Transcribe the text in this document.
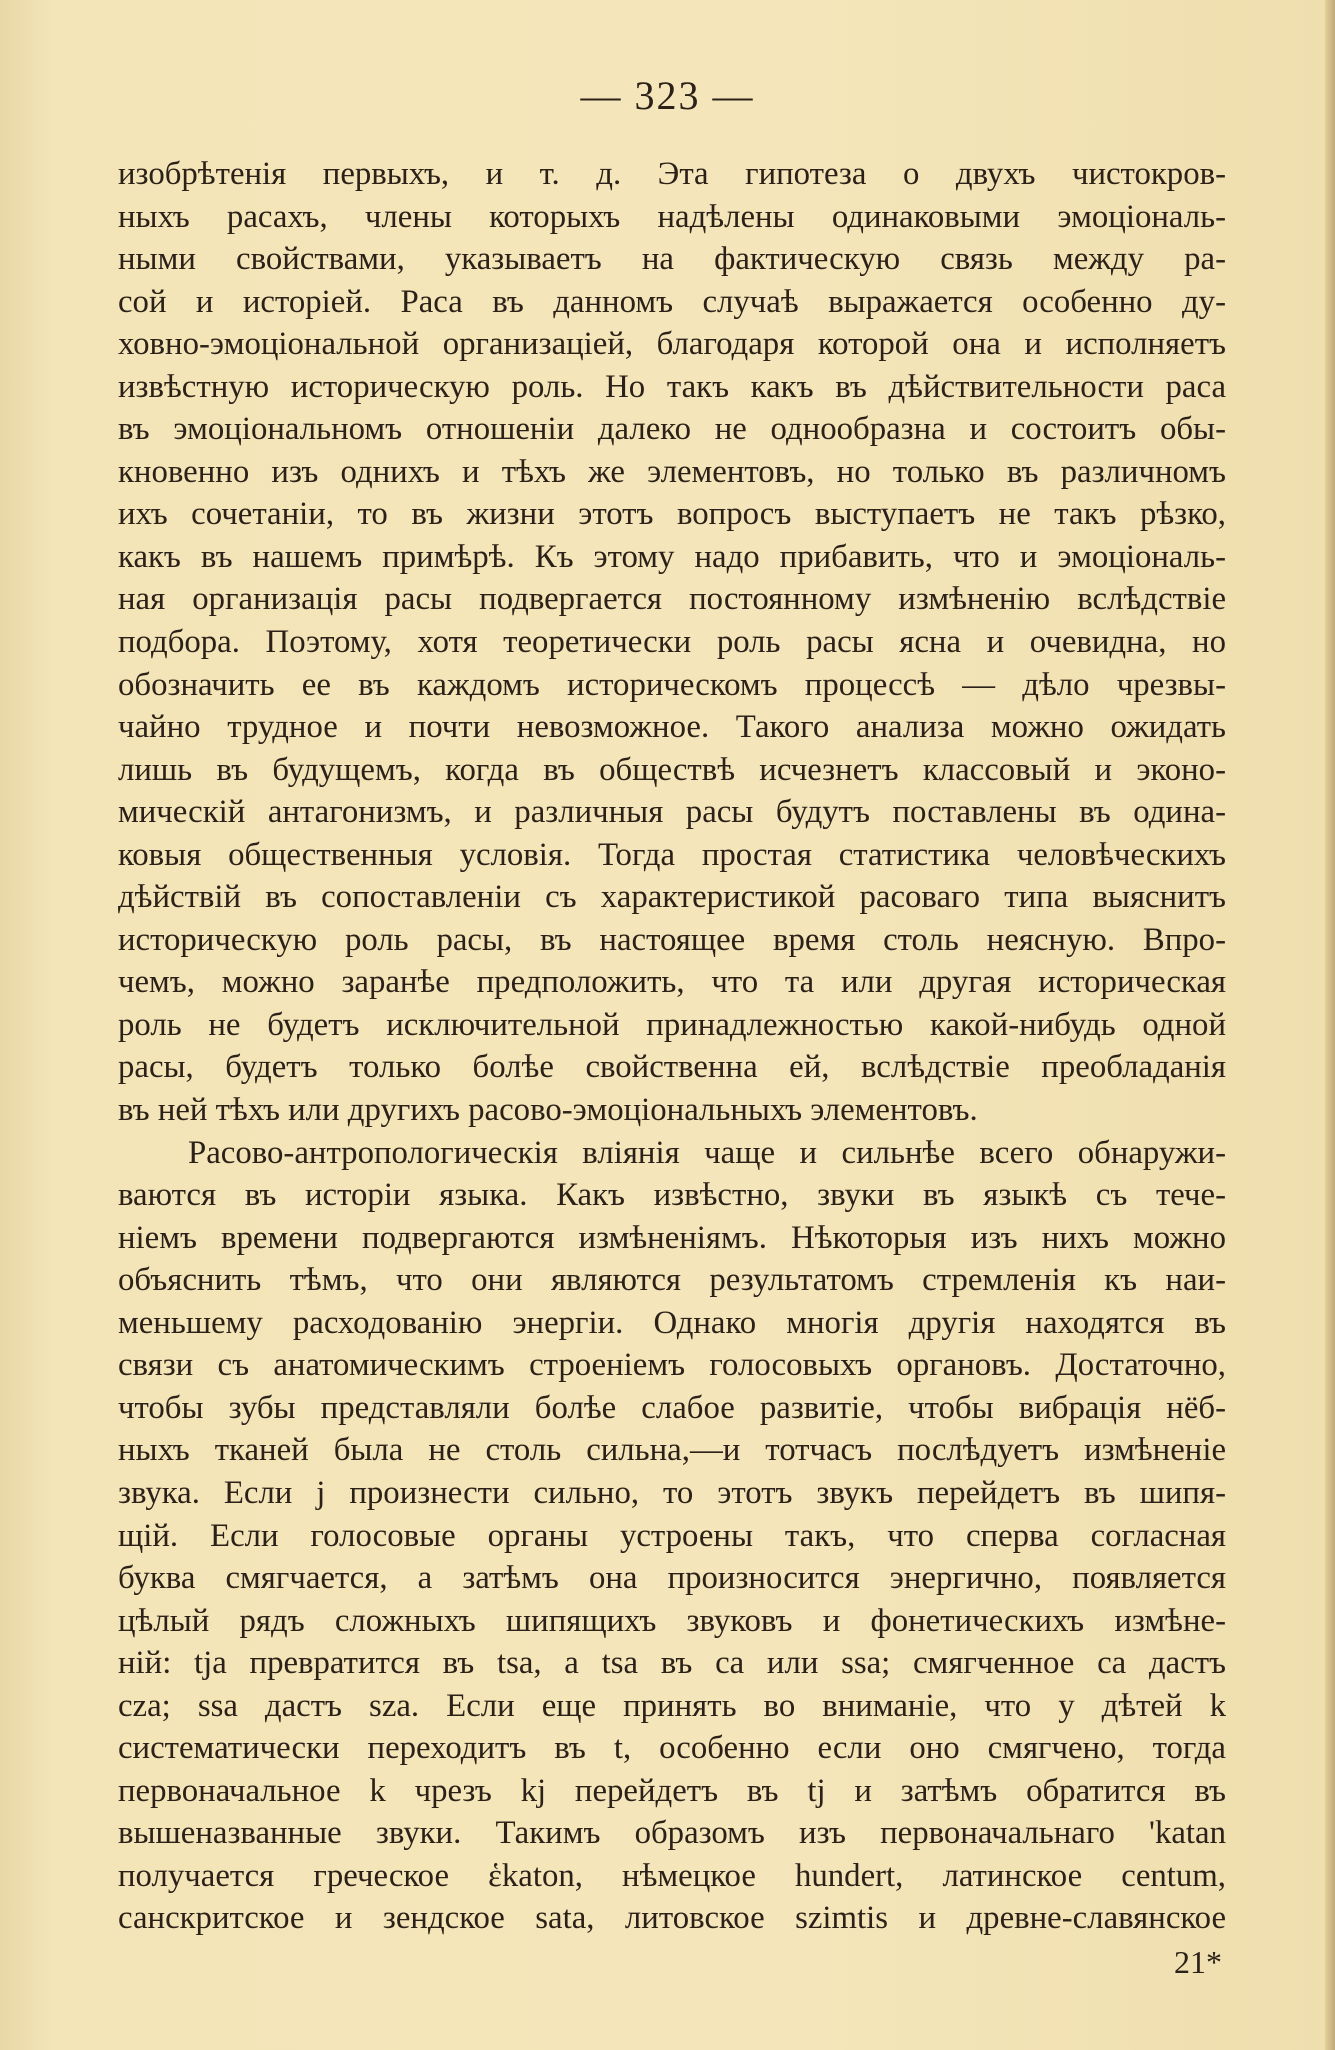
— 323 —
изобрѣтенія первыхъ, и т. д. Эта гипотеза о двухъ чистокров-
ныхъ расахъ, члены которыхъ надѣлены одинаковыми эмоціональ-
ными свойствами, указываетъ на фактическую связь между ра-
сой и исторіей. Раса въ данномъ случаѣ выражается особенно ду-
ховно-эмоціональной организаціей, благодаря которой она и исполняетъ
извѣстную историческую роль. Но такъ какъ въ дѣйствительности раса
въ эмоціональномъ отношеніи далеко не однообразна и состоитъ обы-
кновенно изъ однихъ и тѣхъ же элементовъ, но только въ различномъ
ихъ сочетаніи, то въ жизни этотъ вопросъ выступаетъ не такъ рѣзко,
какъ въ нашемъ примѣрѣ. Къ этому надо прибавить, что и эмоціональ-
ная организація расы подвергается постоянному измѣненію вслѣдствіе
подбора. Поэтому, хотя теоретически роль расы ясна и очевидна, но
обозначить ее въ каждомъ историческомъ процессѣ — дѣло чрезвы-
чайно трудное и почти невозможное. Такого анализа можно ожидать
лишь въ будущемъ, когда въ обществѣ исчезнетъ классовый и эконо-
мическій антагонизмъ, и различныя расы будутъ поставлены въ одина-
ковыя общественныя условія. Тогда простая статистика человѣческихъ
дѣйствій въ сопоставленіи съ характеристикой расоваго типа выяснитъ
историческую роль расы, въ настоящее время столь неясную. Впро-
чемъ, можно заранѣе предположить, что та или другая историческая
роль не будетъ исключительной принадлежностью какой-нибудь одной
расы, будетъ только болѣе свойственна ей, вслѣдствіе преобладанія
въ ней тѣхъ или другихъ расово-эмоціональныхъ элементовъ.
Расово-антропологическія вліянія чаще и сильнѣе всего обнаружи-
ваются въ исторіи языка. Какъ извѣстно, звуки въ языкѣ съ тече-
ніемъ времени подвергаются измѣненіямъ. Нѣкоторыя изъ нихъ можно
объяснить тѣмъ, что они являются результатомъ стремленія къ наи-
меньшему расходованію энергіи. Однако многія другія находятся въ
связи съ анатомическимъ строеніемъ голосовыхъ органовъ. Достаточно,
чтобы зубы представляли болѣе слабое развитіе, чтобы вибрація нёб-
ныхъ тканей была не столь сильна,—и тотчасъ послѣдуетъ измѣненіе
звука. Если j произнести сильно, то этотъ звукъ перейдетъ въ шипя-
щій. Если голосовые органы устроены такъ, что сперва согласная
буква смягчается, а затѣмъ она произносится энергично, появляется
цѣлый рядъ сложныхъ шипящихъ звуковъ и фонетическихъ измѣне-
ній: tja превратится въ tsa, а tsa въ ca или ssa; смягченное ca дастъ
cza; ssa дастъ sza. Если еще принять во вниманіе, что у дѣтей k
систематически переходитъ въ t, особенно если оно смягчено, тогда
первоначальное k чрезъ kj перейдетъ въ tj и затѣмъ обратится въ
вышеназванные звуки. Такимъ образомъ изъ первоначальнаго 'katan
получается греческое ἑkaton, нѣмецкое hundert, латинское centum,
санскритское и зендское sata, литовское szimtis и древне-славянское
21*
